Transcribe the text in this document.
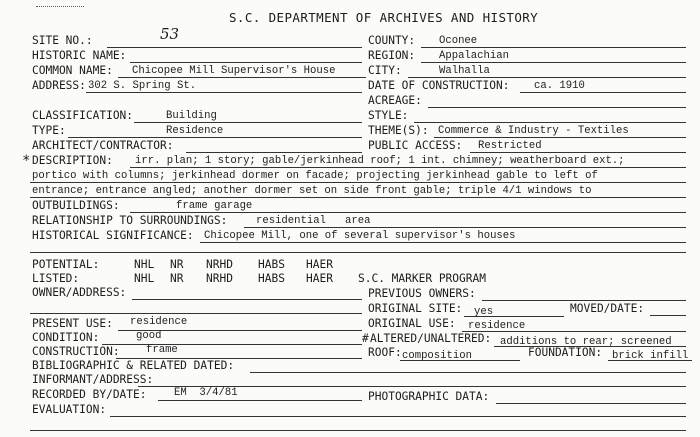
S.C. DEPARTMENT OF ARCHIVES AND HISTORY
SITE NO.:	53	COUNTY: Oconee
HISTORIC NAME:	REGION: Appalachian
COMMON NAME: Chicopee Mill Supervisor's House	CITY:	Walhalla
ADDRESS: 302 S. Spring St.	DATE OF CONSTRUCTION: ca. 1910
ACREAGE:
CLASSIFICATION:	Building	STYLE:
TYPE:	Residence	THEME(S): Commerce & Industry - Textiles
ARCHITECT/CONTRACTOR:	PUBLIC ACCESS: Restricted
* DESCRIPTION: irr. plan; 1 story; gable/jerkinhead roof; 1 int. chimney; weatherboard ext.;
portico with columns; jerkinhead dormer on facade; projecting jerkinhead gable to left of
entrance; entrance angled; another dormer set on side front gable; triple 4/1 windows to
OUTBUILDINGS:	frame garage
RELATIONSHIP TO SURROUNDINGS:	residential   area
HISTORICAL SIGNIFICANCE: Chicopee Mill, one of several supervisor's houses
POTENTIAL:	NHL NR NRHD HABS HAER
LISTED:	NHL NR NRHD HABS HAER S.C. MARKER PROGRAM
OWNER/ADDRESS:	PREVIOUS OWNERS:
ORIGINAL SITE: yes	MOVED/DATE:
PRESENT USE: residence	ORIGINAL USE: residence
CONDITION:	good	# ALTERED/UNALTERED: additions to rear; screened
CONSTRUCTION: frame	ROOF: composition	FOUNDATION: brick infill
BIBLIOGRAPHIC & RELATED DATED:
INFORMANT/ADDRESS:
RECORDED BY/DATE:	EM  3/4/81	PHOTOGRAPHIC DATA:
EVALUATION:
